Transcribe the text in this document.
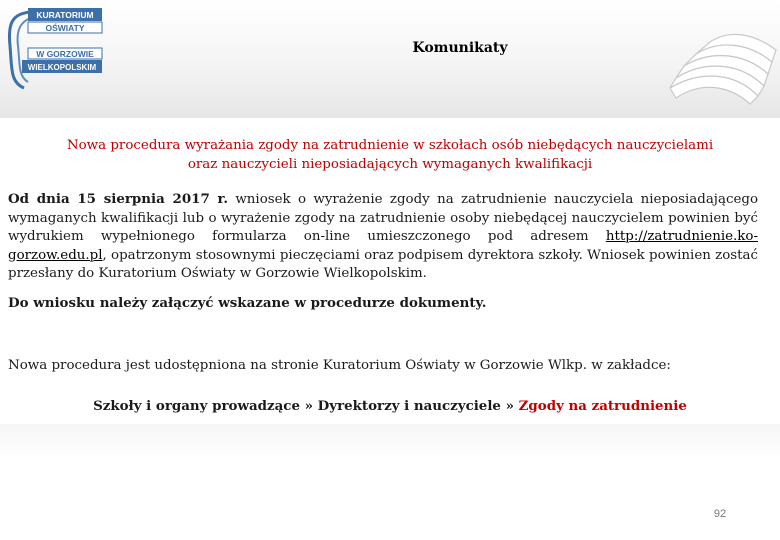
KURATORIUM
OŚWIATY
W GORZOWIE
WIELKOPOLSKIM
Komunikaty
Nowa procedura wyrażania zgody na zatrudnienie w szkołach osób niebędących nauczycielami
oraz nauczycieli nieposiadających wymaganych kwalifikacji
Od dnia 15 sierpnia 2017 r. wniosek o wyrażenie zgody na zatrudnienie nauczyciela nieposiadającego wymaganych kwalifikacji lub o wyrażenie zgody na zatrudnienie osoby niebędącej nauczycielem powinien być wydrukiem wypełnionego formularza on-line umieszczonego pod adresem http://zatrudnienie.ko-gorzow.edu.pl, opatrzonym stosownymi pieczęciami oraz podpisem dyrektora szkoły. Wniosek powinien zostać przesłany do Kuratorium Oświaty w Gorzowie Wielkopolskim.
Do wniosku należy załączyć wskazane w procedurze dokumenty.
Nowa procedura jest udostępniona na stronie Kuratorium Oświaty w Gorzowie Wlkp. w zakładce:
Szkoły i organy prowadzące » Dyrektorzy i nauczyciele » Zgody na zatrudnienie
92
